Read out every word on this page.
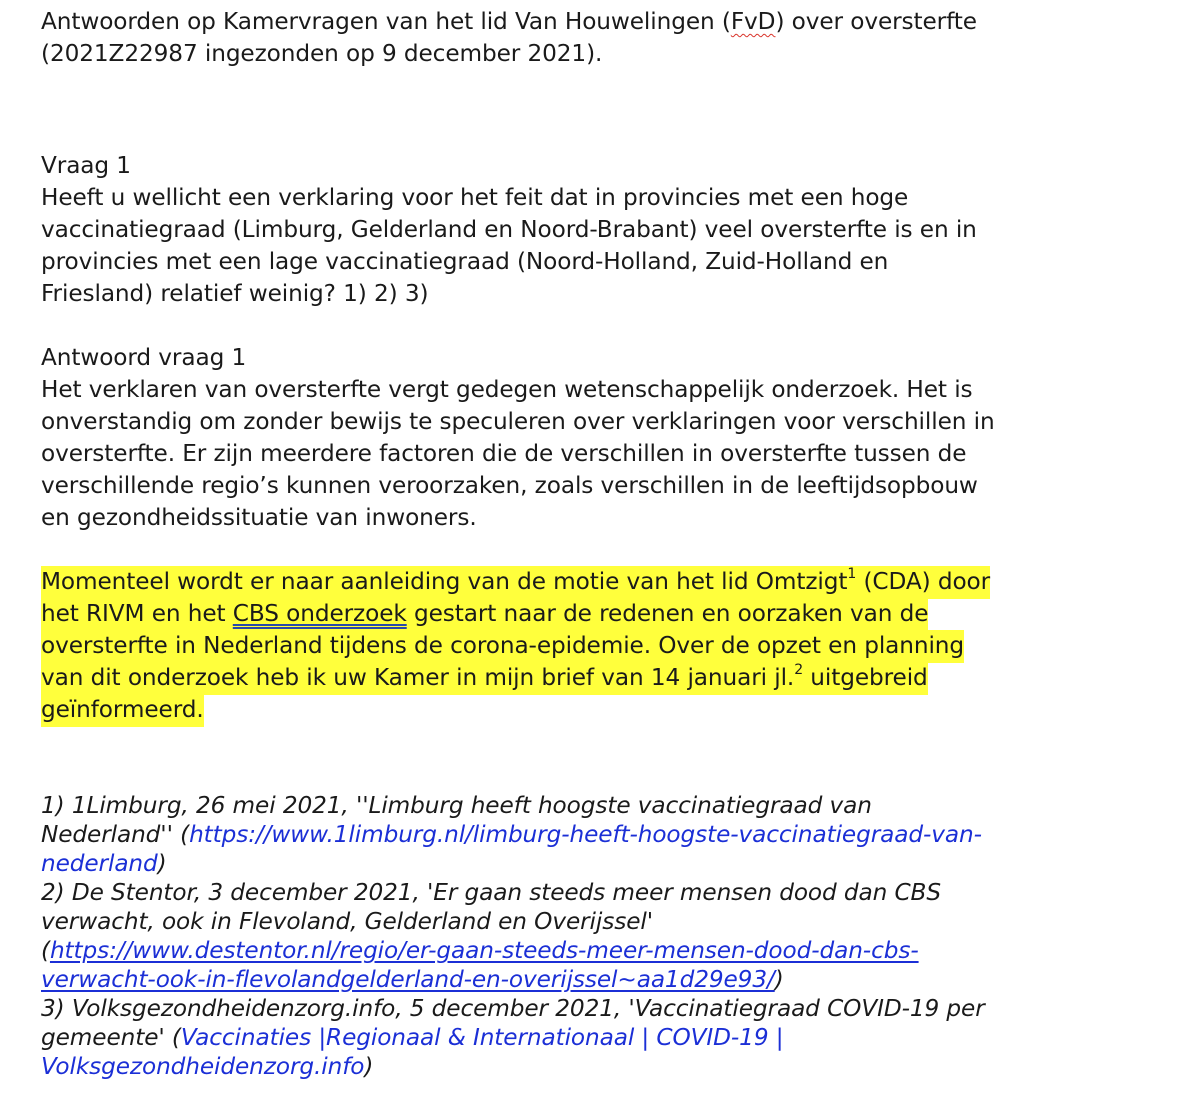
Antwoorden op Kamervragen van het lid Van Houwelingen (FvD) over oversterfte

(2021Z22987 ingezonden op 9 december 2021).

Vraag 1

Heeft u wellicht een verklaring voor het feit dat in provincies met een hoge

vaccinatiegraad (Limburg, Gelderland en Noord-Brabant) veel oversterfte is en in

provincies met een lage vaccinatiegraad (Noord-Holland, Zuid-Holland en

Friesland) relatief weinig? 1) 2) 3)

Antwoord vraag 1

Het verklaren van oversterfte vergt gedegen wetenschappelijk onderzoek. Het is

onverstandig om zonder bewijs te speculeren over verklaringen voor verschillen in

oversterfte. Er zijn meerdere factoren die de verschillen in oversterfte tussen de

verschillende regio’s kunnen veroorzaken, zoals verschillen in de leeftijdsopbouw

en gezondheidssituatie van inwoners.

Momenteel wordt er naar aanleiding van de motie van het lid Omtzigt$^1$ (CDA) door

het RIVM en het CBS onderzoek gestart naar de redenen en oorzaken van de

oversterfte in Nederland tijdens de corona-epidemie. Over de opzet en planning

van dit onderzoek heb ik uw Kamer in mijn brief van 14 januari jl.$^2$ uitgebreid

geïnformeerd.

1) 1Limburg, 26 mei 2021, ''Limburg heeft hoogste vaccinatiegraad van

Nederland'' (https://www.1limburg.nl/limburg-heeft-hoogste-vaccinatiegraad-van-

nederland)

2) De Stentor, 3 december 2021, 'Er gaan steeds meer mensen dood dan CBS

verwacht, ook in Flevoland, Gelderland en Overijssel'

(https://www.destentor.nl/regio/er-gaan-steeds-meer-mensen-dood-dan-cbs-

verwacht-ook-in-flevolandgelderland-en-overijssel~aa1d29e93/)

3) Volksgezondheidenzorg.info, 5 december 2021, 'Vaccinatiegraad COVID-19 per

gemeente' (Vaccinaties |Regionaal & Internationaal | COVID-19 |

Volksgezondheidenzorg.info)
